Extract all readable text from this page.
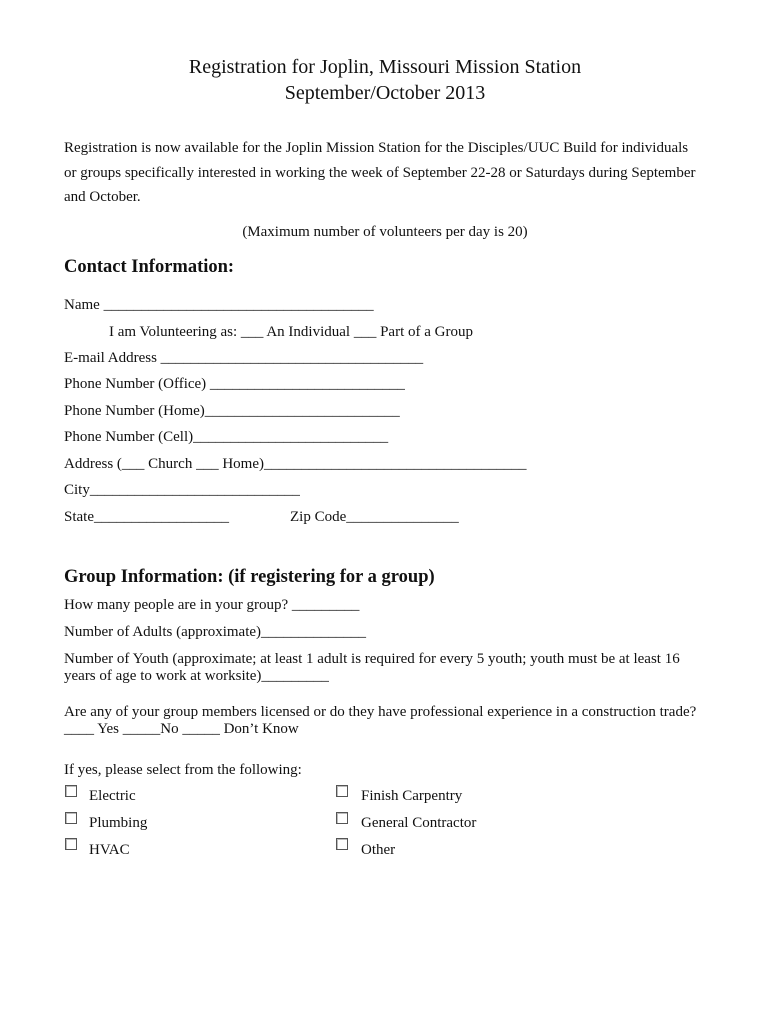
Registration for Joplin, Missouri Mission Station
September/October 2013
Registration is now available for the Joplin Mission Station for the Disciples/UUC Build for individuals or groups specifically interested in working the week of September 22-28 or Saturdays during September and October.
(Maximum number of volunteers per day is 20)
Contact Information:
Name ____________________________________
I am Volunteering as: ___ An Individual ___ Part of a Group
E-mail Address ___________________________________
Phone Number (Office) __________________________
Phone Number (Home)__________________________
Phone Number (Cell)__________________________
Address (___ Church ___ Home)___________________________________
City____________________________
State__________________	Zip Code_______________
Group Information: (if registering for a group)
How many people are in your group? _________
Number of Adults (approximate)______________
Number of Youth (approximate; at least 1 adult is required for every 5 youth; youth must be at least 16 years of age to work at worksite)_________
Are any of your group members licensed or do they have professional experience in a construction trade? ____ Yes _____No _____ Don’t Know
If yes, please select from the following:
Electric
Plumbing
HVAC
Finish Carpentry
General Contractor
Other
